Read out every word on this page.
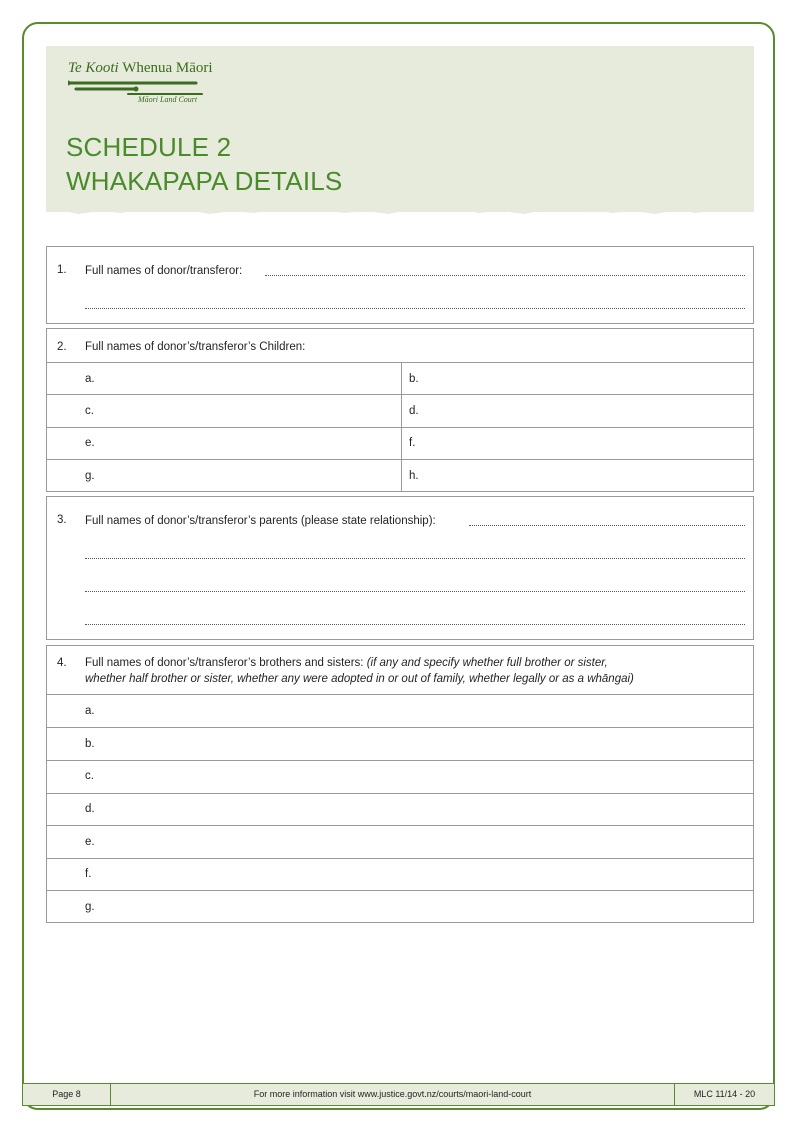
Te Kooti Whenua Māori
Māori Land Court
SCHEDULE 2
WHAKAPAPA DETAILS
1. Full names of donor/transferor:
2. Full names of donor’s/transferor’s Children:
a.	b.
c.	d.
e.	f.
g.	h.
3. Full names of donor’s/transferor’s parents (please state relationship):
4. Full names of donor’s/transferor’s brothers and sisters: (if any and specify whether full brother or sister,
whether half brother or sister, whether any were adopted in or out of family, whether legally or as a whāngai)
a.
b.
c.
d.
e.
f.
g.
Page 8	For more information visit www.justice.govt.nz/courts/maori-land-court	MLC 11/14 - 20
